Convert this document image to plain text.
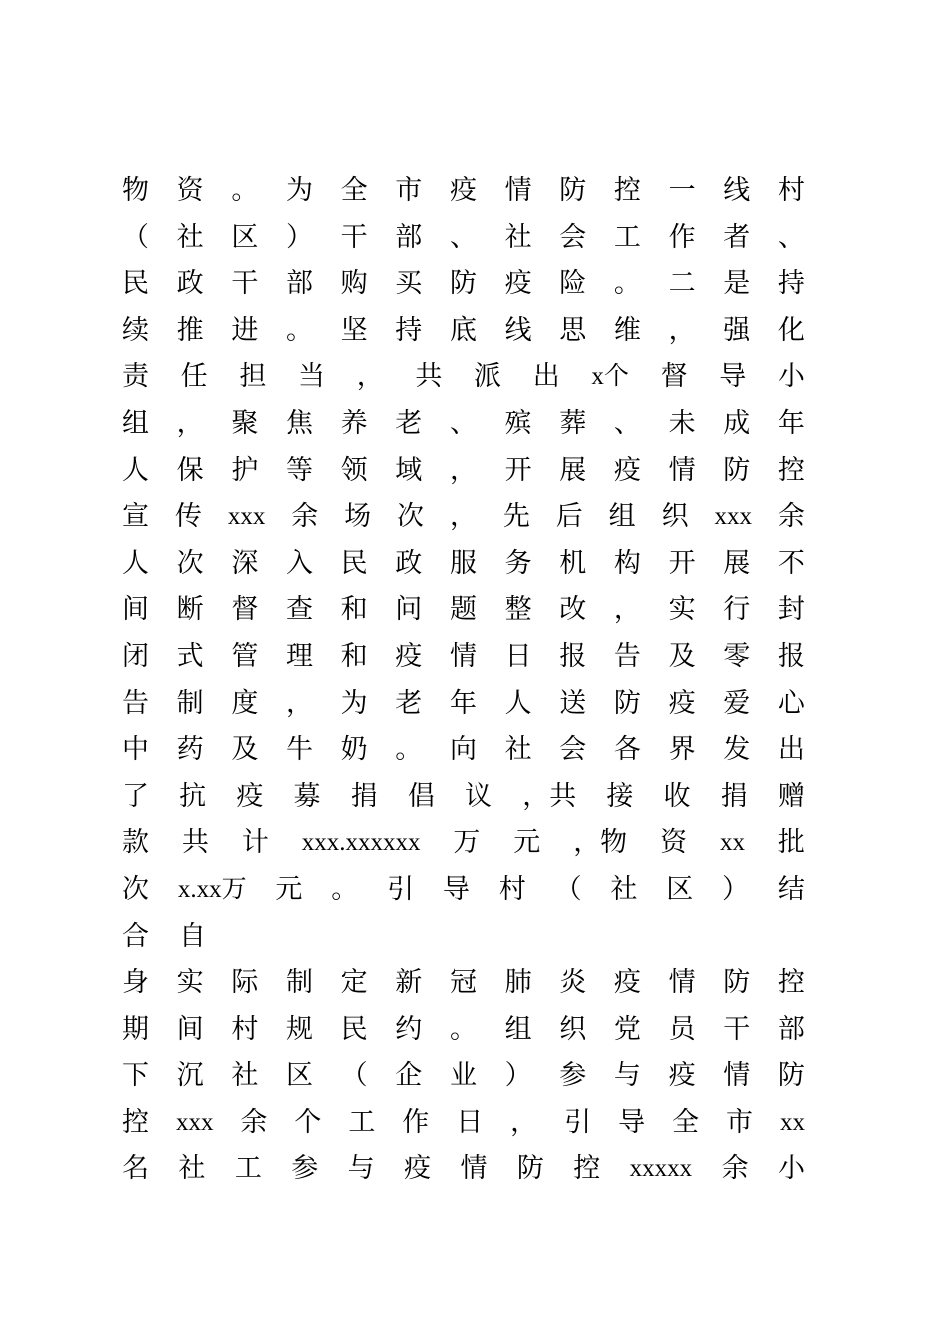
物 资 。 为 全 市 疫 情 防 控 一 线 村
（ 社 区 ） 干 部 、 社 会 工 作 者 、
民 政 干 部 购 买 防 疫 险 。 二 是 持
续 推 进 。 坚 持 底 线 思 维 ， 强 化
责 任 担 当 ， 共 派 出 x个 督 导 小
组 ， 聚 焦 养 老 、 殡 葬 、 未 成 年
人 保 护 等 领 域 ， 开 展 疫 情 防 控
宣 传 xxx 余 场 次 ， 先 后 组 织 xxx 余
人 次 深 入 民 政 服 务 机 构 开 展 不
间 断 督 查 和 问 题 整 改 ， 实 行 封
闭 式 管 理 和 疫 情 日 报 告 及 零 报
告 制 度 ， 为 老 年 人 送 防 疫 爱 心
中 药 及 牛 奶 。 向 社 会 各 界 发 出
了 抗 疫 募 捐 倡 议 ，共 接 收 捐 赠
款 共 计 xxx.xxxxxx 万 元 ，物 资 xx 批
次 x.xx万 元 。 引 导 村 （ 社 区 ） 结
合 自
身 实 际 制 定 新 冠 肺 炎 疫 情 防 控
期 间 村 规 民 约 。 组 织 党 员 干 部
下 沉 社 区 （ 企 业 ） 参 与 疫 情 防
控 xxx 余 个 工 作 日 ， 引 导 全 市 xx
名 社 工 参 与 疫 情 防 控 xxxxx 余 小
